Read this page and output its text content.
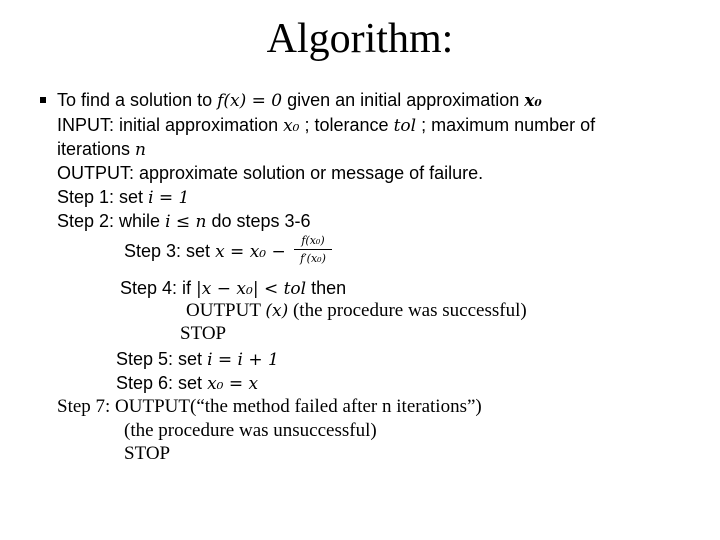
Algorithm:
To find a solution to f(x) = 0 given an initial approximation x₀
INPUT: initial approximation x₀ ; tolerance tol ; maximum number of
iterations n
OUTPUT: approximate solution or message of failure.
Step 1: set i = 1
Step 2: while i ≤ n do steps 3-6
Step 3: set x = x₀ −
f(x₀)
f′(x₀)
Step 4: if |x − x₀| < tol then
OUTPUT (x) (the procedure was successful)
STOP
Step 5: set i = i + 1
Step 6: set x₀ = x
Step 7: OUTPUT(“the method failed after n iterations”)
(the procedure was unsuccessful)
STOP
